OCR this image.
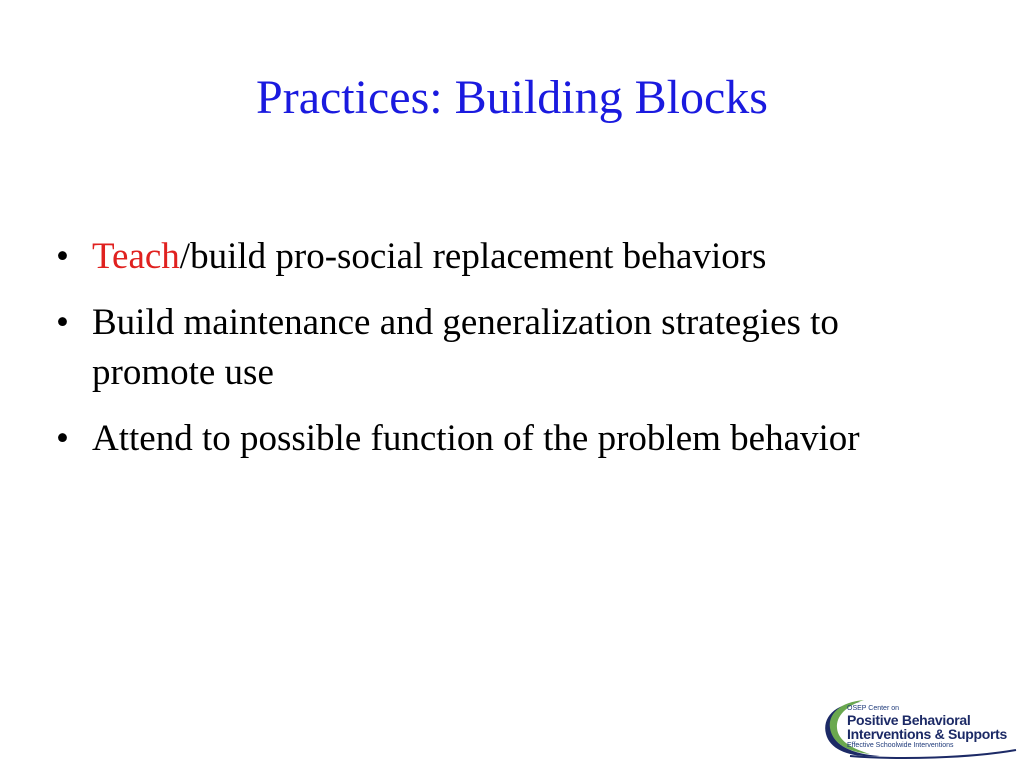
Practices: Building Blocks
• Teach/build pro-social replacement behaviors
• Build maintenance and generalization strategies to promote use
• Attend to possible function of the problem behavior
OSEP Center on
Positive Behavioral
Interventions & Supports
Effective Schoolwide Interventions
